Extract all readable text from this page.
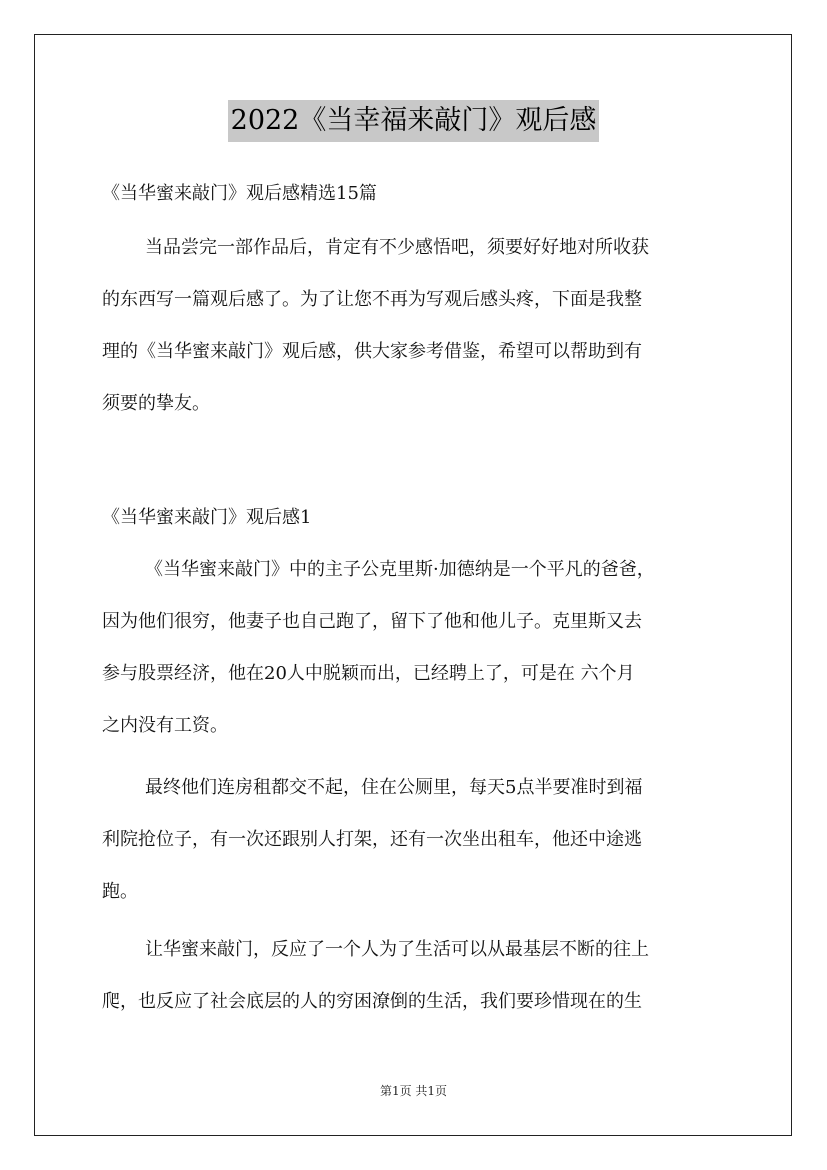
2022《当幸福来敲门》观后感
《当华蜜来敲门》观后感精选15篇
当品尝完一部作品后，肯定有不少感悟吧，须要好好地对所收获
的东西写一篇观后感了。为了让您不再为写观后感头疼，下面是我整
理的《当华蜜来敲门》观后感，供大家参考借鉴，希望可以帮助到有
须要的挚友。
《当华蜜来敲门》观后感1
《当华蜜来敲门》中的主子公克里斯·加德纳是一个平凡的爸爸，
因为他们很穷，他妻子也自己跑了，留下了他和他儿子。克里斯又去
参与股票经济，他在20人中脱颖而出，已经聘上了，可是在 六个月
之内没有工资。
最终他们连房租都交不起，住在公厕里，每天5点半要准时到福
利院抢位子，有一次还跟别人打架，还有一次坐出租车，他还中途逃
跑。
让华蜜来敲门，反应了一个人为了生活可以从最基层不断的往上
爬，也反应了社会底层的人的穷困潦倒的生活，我们要珍惜现在的生
第1页 共1页
